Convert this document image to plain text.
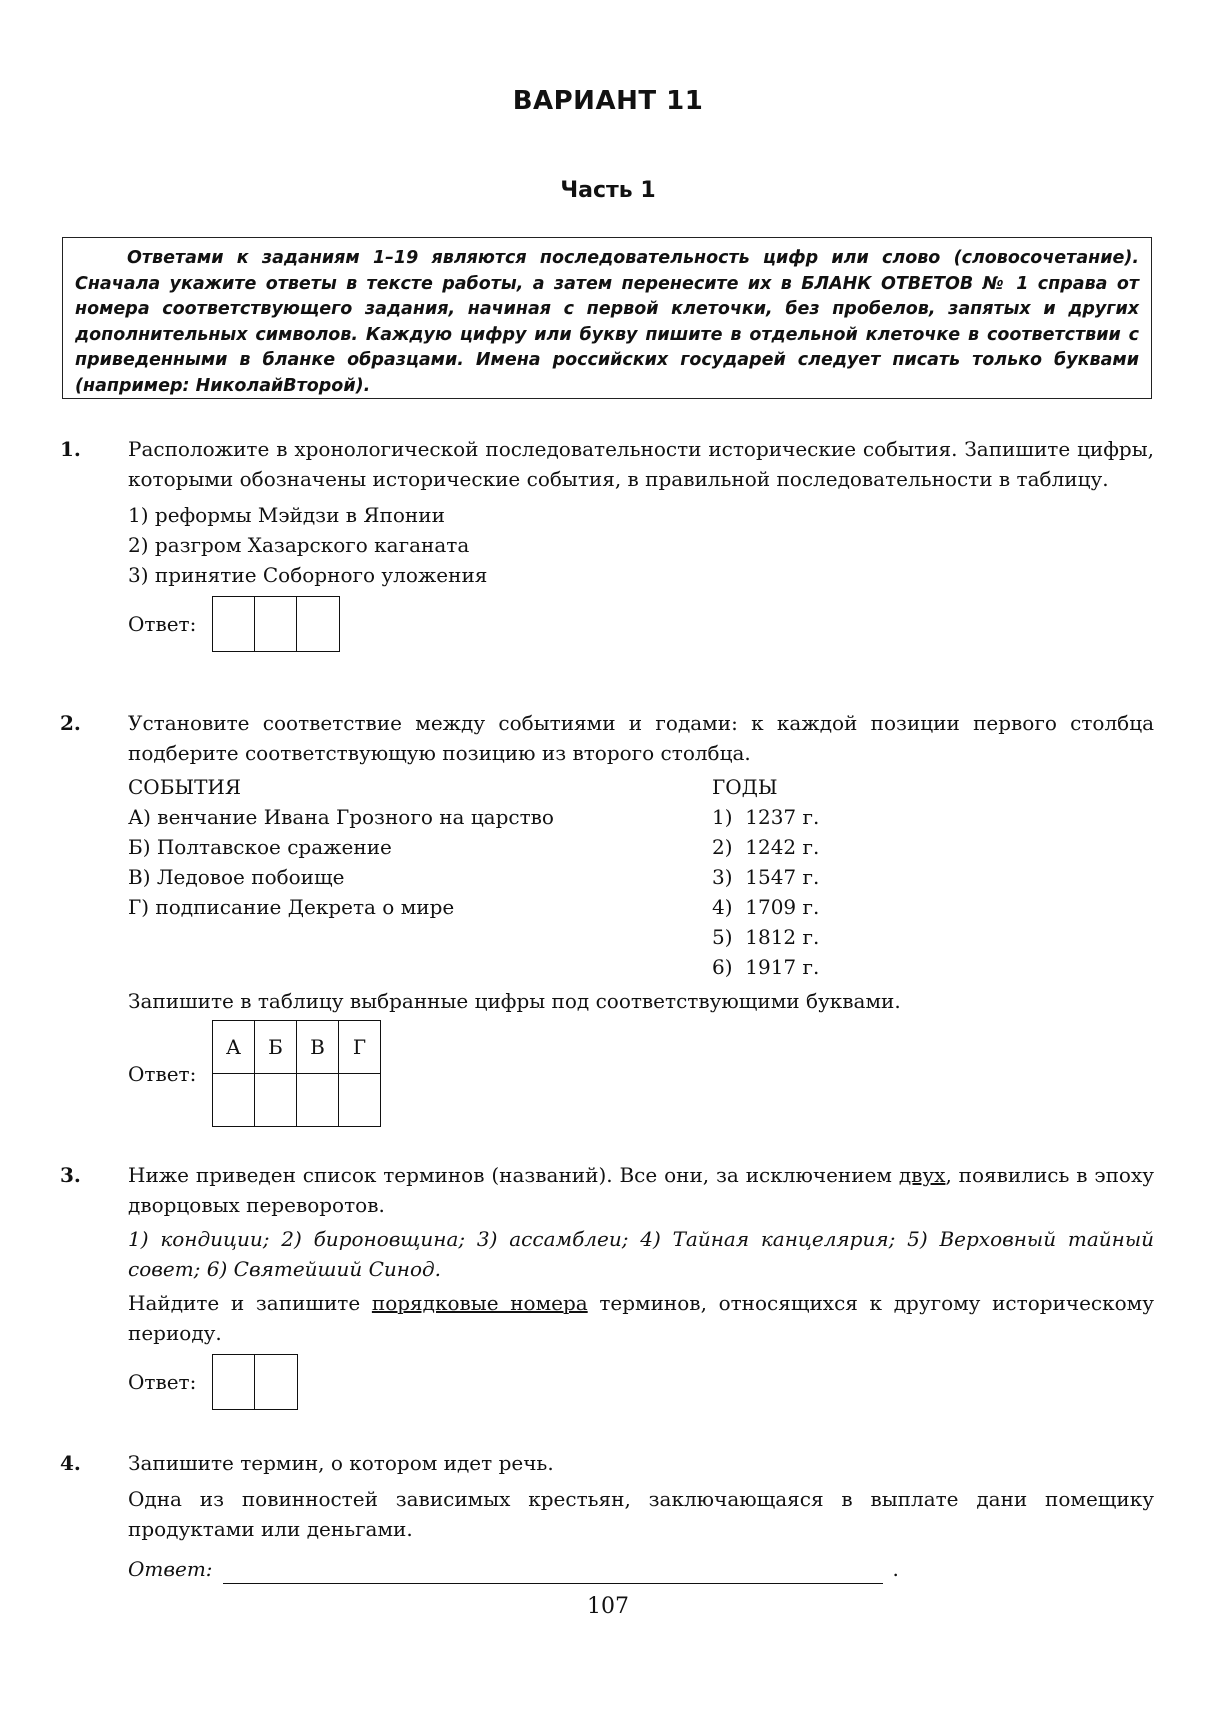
ВАРИАНТ 11
Часть 1
Ответами к заданиям 1–19 являются последовательность цифр или слово (словосочетание). Сначала укажите ответы в тексте работы, а затем перенесите их в БЛАНК ОТВЕТОВ № 1 справа от номера соответствующего задания, начиная с первой клеточки, без пробелов, запятых и других дополнительных символов. Каждую цифру или букву пишите в отдельной клеточке в соответствии с приведенными в бланке образцами. Имена российских государей следует писать только буквами (например: НиколайВторой).
1. Расположите в хронологической последовательности исторические события. Запишите цифры, которыми обозначены исторические события, в правильной последовательности в таблицу.

1) реформы Мэйдзи в Японии
2) разгром Хазарского каганата
3) принятие Соборного уложения
Ответ:
2. Установите соответствие между событиями и годами: к каждой позиции первого столбца подберите соответствующую позицию из второго столбца.

СОБЫТИЯ

А) венчание Ивана Грозного на царство

Б) Полтавское сражение

В) Ледовое побоище

Г) подписание Декрета о мире

ГОДЫ

1)  1237 г.

2)  1242 г.

3)  1547 г.

4)  1709 г.

5)  1812 г.

6)  1917 г.

Запишите в таблицу выбранные цифры под соответствующими буквами.

Ответ:
А	Б	В	Г

3. Ниже приведен список терминов (названий). Все они, за исключением двух, появились в эпоху дворцовых переворотов.

1) кондиции; 2) бироновщина; 3) ассамблеи; 4) Тайная канцелярия; 5) Верховный тайный совет; 6) Святейший Синод.

Найдите и запишите порядковые номера терминов, относящихся к другому историческому периоду.

Ответ:
4. Запишите термин, о котором идет речь.

Одна из повинностей зависимых крестьян, заключающаяся в выплате дани помещику продуктами или деньгами.

Ответ:	.
107
